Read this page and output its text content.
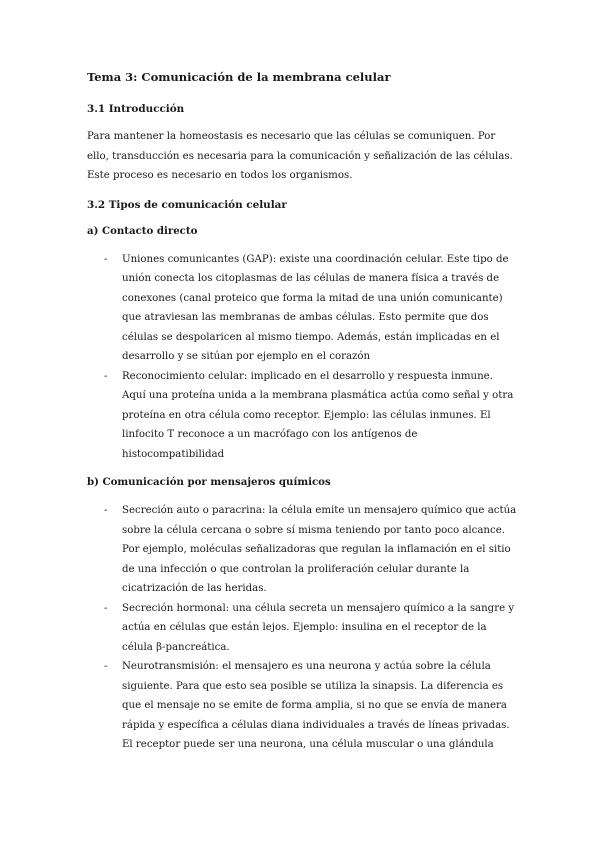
Tema 3: Comunicación de la membrana celular
3.1 Introducción

Para mantener la homeostasis es necesario que las células se comuniquen. Por ello, transducción es necesaria para la comunicación y señalización de las células. Este proceso es necesario en todos los organismos.

3.2 Tipos de comunicación celular
a) Contacto directo
- Uniones comunicantes (GAP): existe una coordinación celular. Este tipo de unión conecta los citoplasmas de las células de manera física a través de conexones (canal proteico que forma la mitad de una unión comunicante) que atraviesan las membranas de ambas células. Esto permite que dos células se despolaricen al mismo tiempo. Además, están implicadas en el desarrollo y se sitúan por ejemplo en el corazón
- Reconocimiento celular: implicado en el desarrollo y respuesta inmune. Aquí una proteína unida a la membrana plasmática actúa como señal y otra proteína en otra célula como receptor. Ejemplo: las células inmunes. El linfocito T reconoce a un macrófago con los antígenos de histocompatibilidad
b) Comunicación por mensajeros químicos
- Secreción auto o paracrina: la célula emite un mensajero químico que actúa sobre la célula cercana o sobre sí misma teniendo por tanto poco alcance. Por ejemplo, moléculas señalizadoras que regulan la inflamación en el sitio de una infección o que controlan la proliferación celular durante la cicatrización de las heridas.
- Secreción hormonal: una célula secreta un mensajero químico a la sangre y actúa en células que están lejos. Ejemplo: insulina en el receptor de la célula β-pancreática.
- Neurotransmisión: el mensajero es una neurona y actúa sobre la célula siguiente. Para que esto sea posible se utiliza la sinapsis. La diferencia es que el mensaje no se emite de forma amplia, si no que se envía de manera rápida y específica a células diana individuales a través de líneas privadas. El receptor puede ser una neurona, una célula muscular o una glándula
